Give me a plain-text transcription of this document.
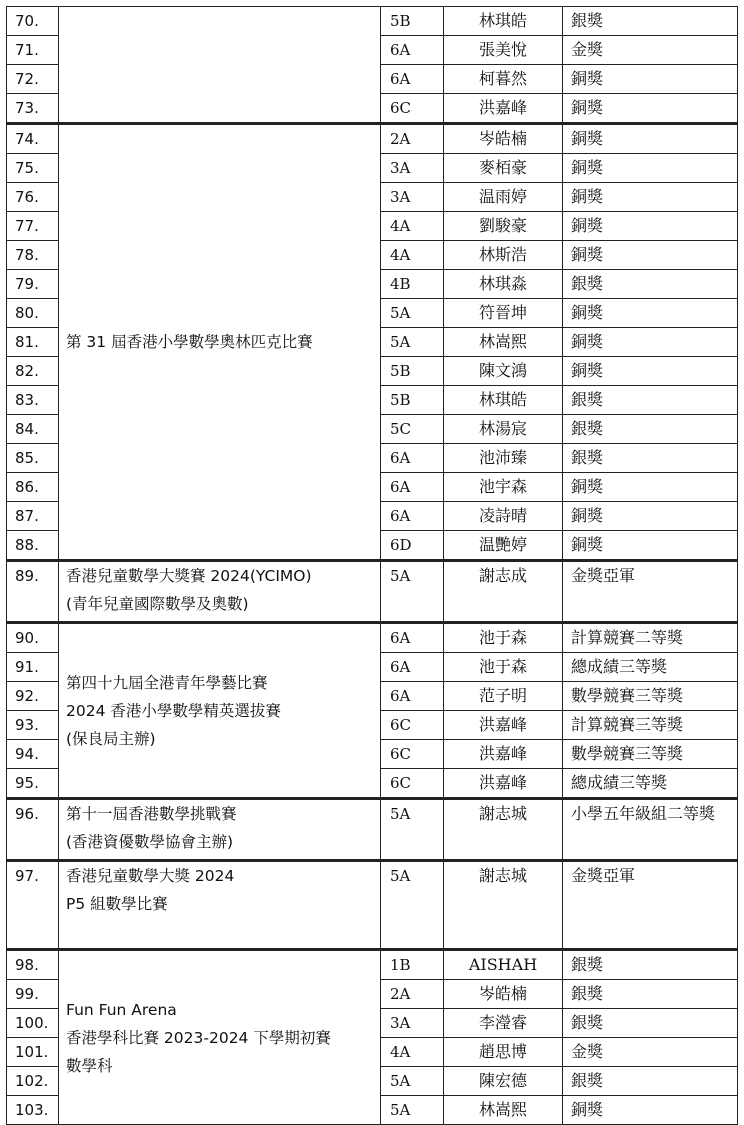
70.		5B	林琪皓	銀獎
71.		6A	張美悅	金獎
72.		6A	柯暮然	銅獎
73.		6C	洪嘉峰	銅獎
74.	第 31 屆香港小學數學奧林匹克比賽	2A	岑皓楠	銅獎
75.		3A	麥栢豪	銅獎
76.		3A	温雨婷	銅獎
77.		4A	劉駿豪	銅獎
78.		4A	林斯浩	銅獎
79.		4B	林琪淼	銀獎
80.		5A	符晉坤	銅獎
81.		5A	林嵩熙	銅獎
82.		5B	陳文鴻	銅獎
83.		5B	林琪皓	銀獎
84.		5C	林湯宸	銀獎
85.		6A	池沛臻	銀獎
86.		6A	池宇森	銅獎
87.		6A	凌詩晴	銅獎
88.		6D	温艷婷	銅獎
89.	香港兒童數學大獎賽 2024(YCIMO)
(青年兒童國際數學及奧數)	5A	謝志成	金獎亞軍
90.	第四十九屆全港青年學藝比賽
2024 香港小學數學精英選拔賽
(保良局主辦)	6A	池于森	計算競賽二等獎
91.		6A	池于森	總成績三等獎
92.		6A	范子明	數學競賽三等獎
93.		6C	洪嘉峰	計算競賽三等獎
94.		6C	洪嘉峰	數學競賽三等獎
95.		6C	洪嘉峰	總成績三等獎
96.	第十一屆香港數學挑戰賽
(香港資優數學協會主辦)	5A	謝志城	小學五年級組二等獎
97.	香港兒童數學大獎 2024
P5 組數學比賽	5A	謝志城	金獎亞軍
98.	Fun Fun Arena
香港學科比賽 2023-2024 下學期初賽
數學科	1B	AISHAH	銀獎
99.		2A	岑皓楠	銀獎
100.		3A	李瀅睿	銀獎
101.		4A	趙思博	金獎
102.		5A	陳宏德	銀獎
103.		5A	林嵩熙	銅獎
